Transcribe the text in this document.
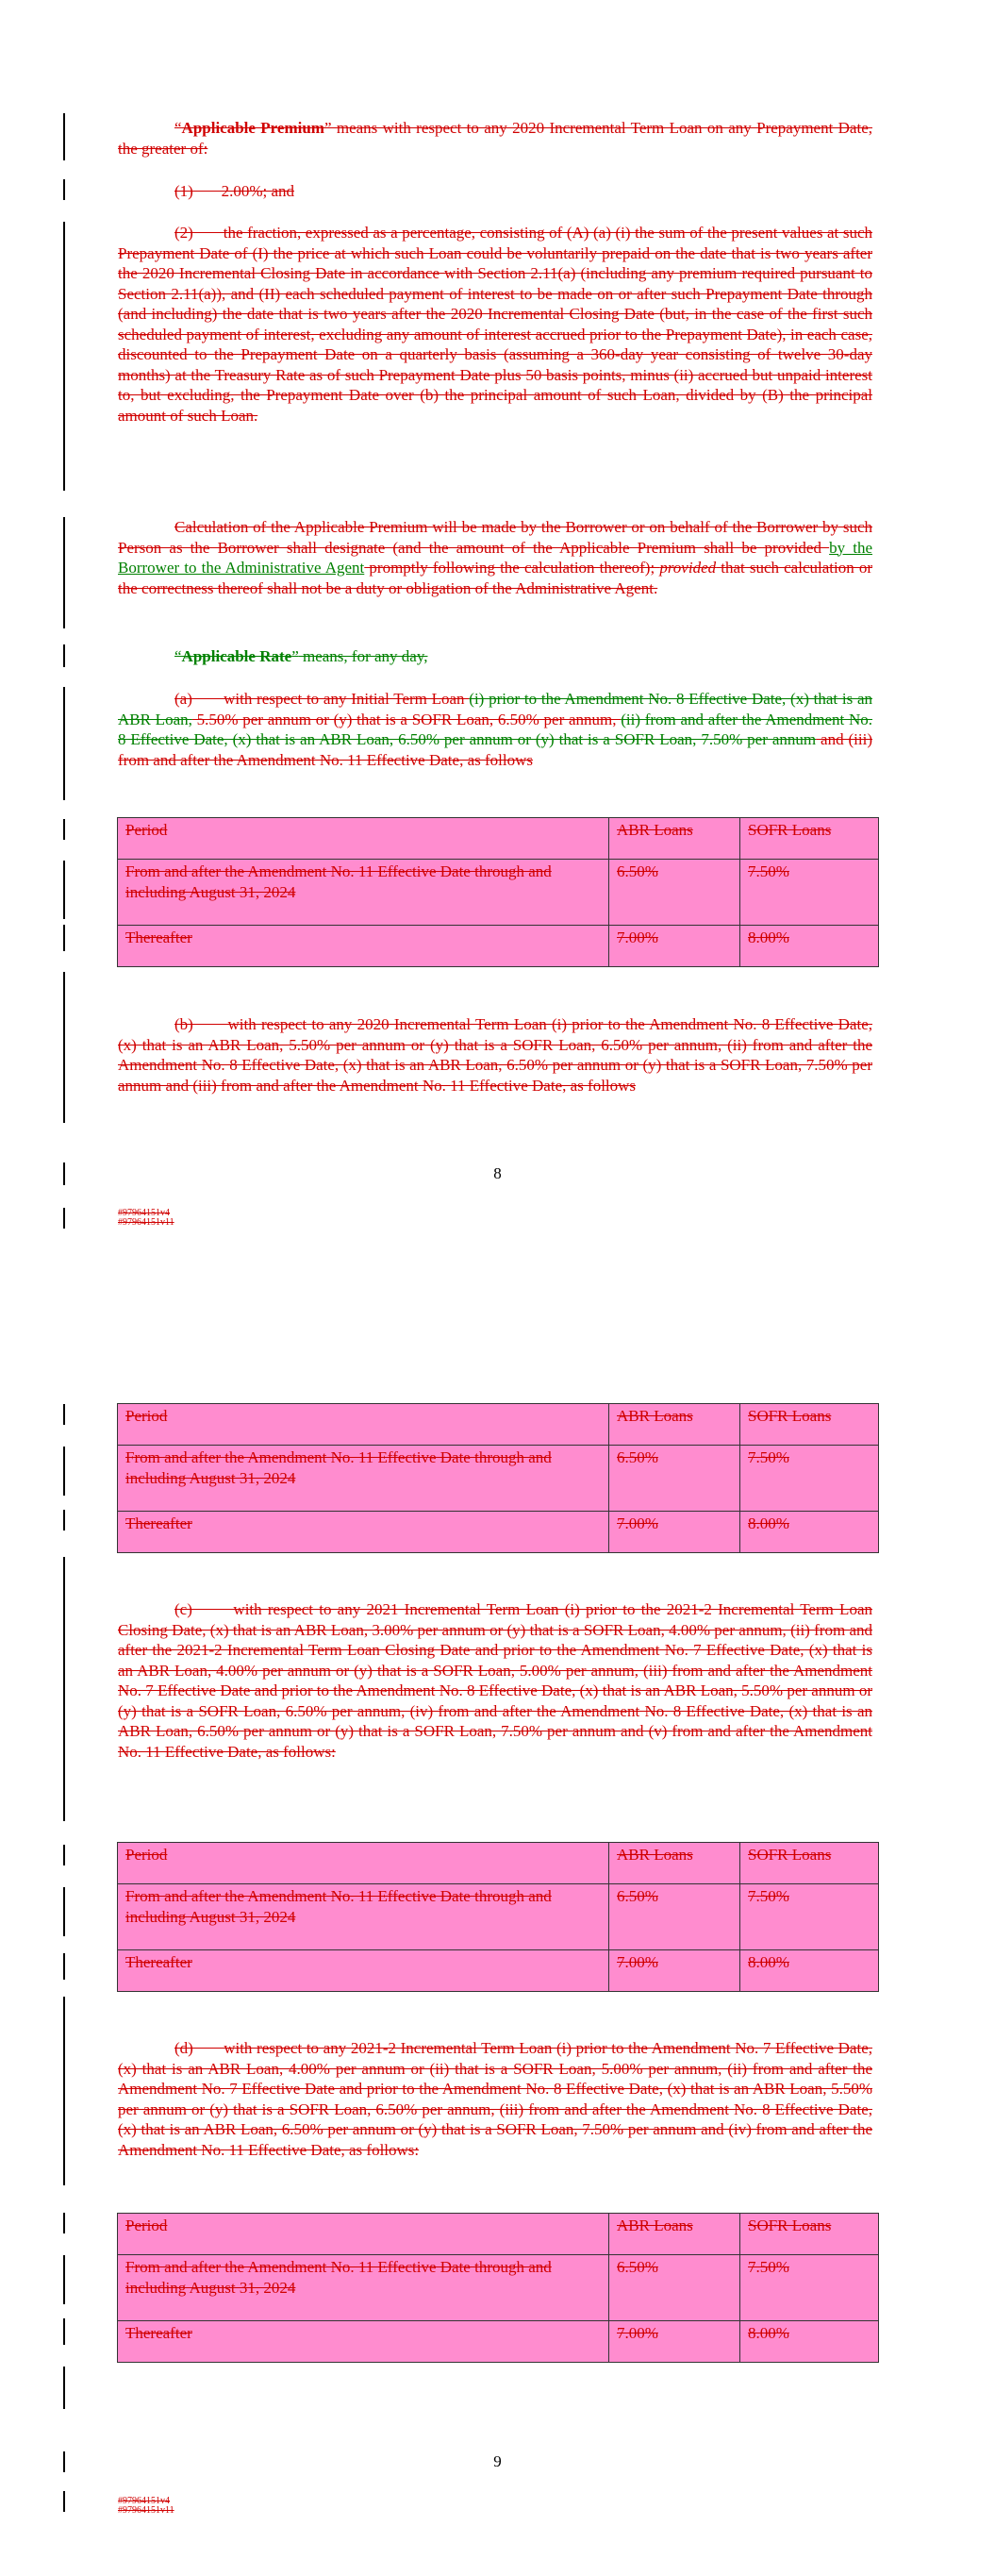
“Applicable Premium” means with respect to any 2020 Incremental Term Loan on any Prepayment Date, the greater of:
(1)       2.00%; and
(2)       the fraction, expressed as a percentage, consisting of (A) (a) (i) the sum of the present values at such Prepayment Date of (I) the price at which such Loan could be voluntarily prepaid on the date that is two years after the 2020 Incremental Closing Date in accordance with Section 2.11(a) (including any premium required pursuant to Section 2.11(a)), and (II) each scheduled payment of interest to be made on or after such Prepayment Date through (and including) the date that is two years after the 2020 Incremental Closing Date (but, in the case of the first such scheduled payment of interest, excluding any amount of interest accrued prior to the Prepayment Date), in each case, discounted to the Prepayment Date on a quarterly basis (assuming a 360-day year consisting of twelve 30-day months) at the Treasury Rate as of such Prepayment Date plus 50 basis points, minus (ii) accrued but unpaid interest to, but excluding, the Prepayment Date over (b) the principal amount of such Loan, divided by (B) the principal amount of such Loan.
Calculation of the Applicable Premium will be made by the Borrower or on behalf of the Borrower by such Person as the Borrower shall designate (and the amount of the Applicable Premium shall be provided by the Borrower to the Administrative Agent promptly following the calculation thereof); provided that such calculation or the correctness thereof shall not be a duty or obligation of the Administrative Agent.
“Applicable Rate” means, for any day,
(a)       with respect to any Initial Term Loan (i) prior to the Amendment No. 8 Effective Date, (x) that is an ABR Loan, 5.50% per annum or (y) that is a SOFR Loan, 6.50% per annum, (ii) from and after the Amendment No. 8 Effective Date, (x) that is an ABR Loan, 6.50% per annum or (y) that is a SOFR Loan, 7.50% per annum and (iii) from and after the Amendment No. 11 Effective Date, as follows
Period	ABR Loans	SOFR Loans
From and after the Amendment No. 11 Effective Date through and including August 31, 2024	6.50%	7.50%
Thereafter	7.00%	8.00%
(b)       with respect to any 2020 Incremental Term Loan (i) prior to the Amendment No. 8 Effective Date, (x) that is an ABR Loan, 5.50% per annum or (y) that is a SOFR Loan, 6.50% per annum, (ii) from and after the Amendment No. 8 Effective Date, (x) that is an ABR Loan, 6.50% per annum or (y) that is a SOFR Loan, 7.50% per annum and (iii) from and after the Amendment No. 11 Effective Date, as follows
8
#97964151v4
#97964151v11
Period	ABR Loans	SOFR Loans
From and after the Amendment No. 11 Effective Date through and including August 31, 2024	6.50%	7.50%
Thereafter	7.00%	8.00%
(c)       with respect to any 2021 Incremental Term Loan (i) prior to the 2021-2 Incremental Term Loan Closing Date, (x) that is an ABR Loan, 3.00% per annum or (y) that is a SOFR Loan, 4.00% per annum, (ii) from and after the 2021-2 Incremental Term Loan Closing Date and prior to the Amendment No. 7 Effective Date, (x) that is an ABR Loan, 4.00% per annum or (y) that is a SOFR Loan, 5.00% per annum, (iii) from and after the Amendment No. 7 Effective Date and prior to the Amendment No. 8 Effective Date, (x) that is an ABR Loan, 5.50% per annum or (y) that is a SOFR Loan, 6.50% per annum, (iv) from and after the Amendment No. 8 Effective Date, (x) that is an ABR Loan, 6.50% per annum or (y) that is a SOFR Loan, 7.50% per annum and (v) from and after the Amendment No. 11 Effective Date, as follows:
Period	ABR Loans	SOFR Loans
From and after the Amendment No. 11 Effective Date through and including August 31, 2024	6.50%	7.50%
Thereafter	7.00%	8.00%
(d)       with respect to any 2021-2 Incremental Term Loan (i) prior to the Amendment No. 7 Effective Date, (x) that is an ABR Loan, 4.00% per annum or (ii) that is a SOFR Loan, 5.00% per annum, (ii) from and after the Amendment No. 7 Effective Date and prior to the Amendment No. 8 Effective Date, (x) that is an ABR Loan, 5.50% per annum or (y) that is a SOFR Loan, 6.50% per annum, (iii) from and after the Amendment No. 8 Effective Date, (x) that is an ABR Loan, 6.50% per annum or (y) that is a SOFR Loan, 7.50% per annum and (iv) from and after the Amendment No. 11 Effective Date, as follows:
Period	ABR Loans	SOFR Loans
From and after the Amendment No. 11 Effective Date through and including August 31, 2024	6.50%	7.50%
Thereafter	7.00%	8.00%
9
#97964151v4
#97964151v11
